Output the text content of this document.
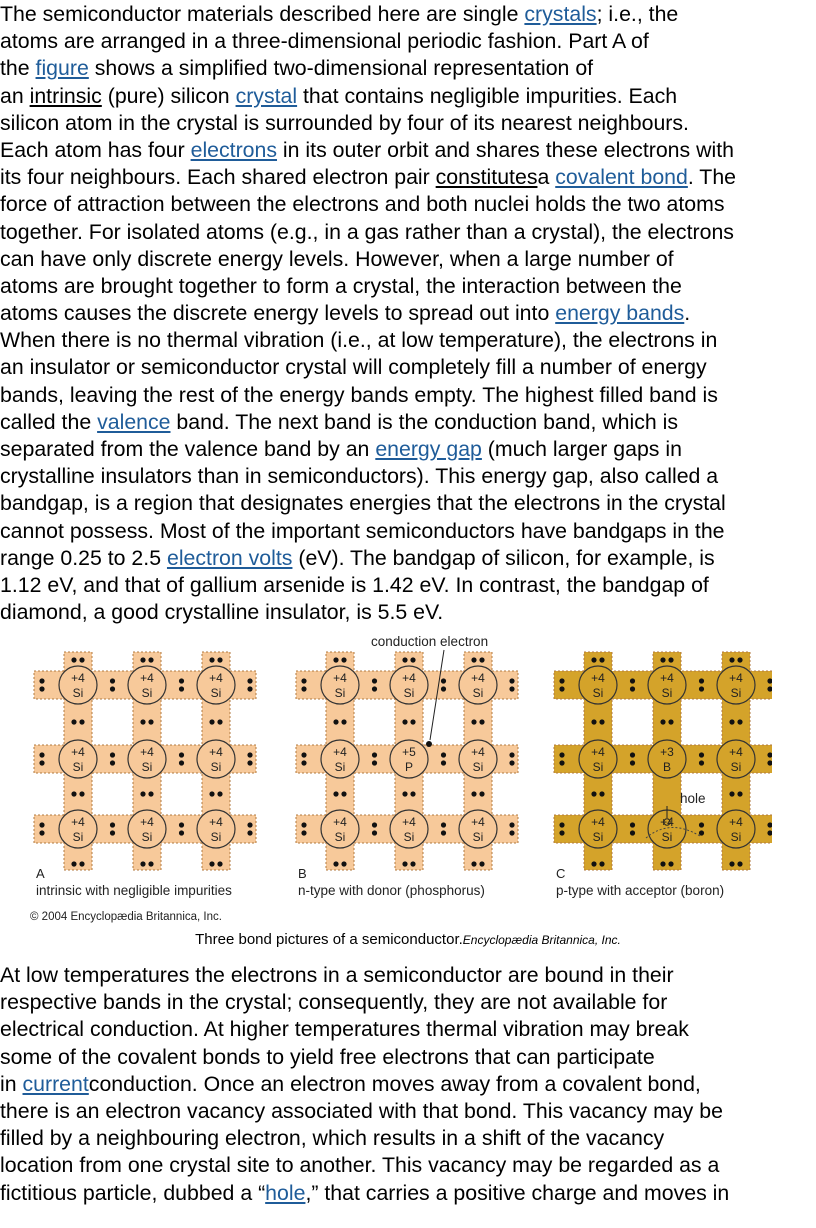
The semiconductor materials described here are single crystals; i.e., the
atoms are arranged in a three-dimensional periodic fashion. Part A of
the figure shows a simplified two-dimensional representation of
an intrinsic (pure) silicon crystal that contains negligible impurities. Each
silicon atom in the crystal is surrounded by four of its nearest neighbours.
Each atom has four electrons in its outer orbit and shares these electrons with
its four neighbours. Each shared electron pair constitutesa covalent bond. The
force of attraction between the electrons and both nuclei holds the two atoms
together. For isolated atoms (e.g., in a gas rather than a crystal), the electrons
can have only discrete energy levels. However, when a large number of
atoms are brought together to form a crystal, the interaction between the
atoms causes the discrete energy levels to spread out into energy bands.
When there is no thermal vibration (i.e., at low temperature), the electrons in
an insulator or semiconductor crystal will completely fill a number of energy
bands, leaving the rest of the energy bands empty. The highest filled band is
called the valence band. The next band is the conduction band, which is
separated from the valence band by an energy gap (much larger gaps in
crystalline insulators than in semiconductors). This energy gap, also called a
bandgap, is a region that designates energies that the electrons in the crystal
cannot possess. Most of the important semiconductors have bandgaps in the
range 0.25 to 2.5 electron volts (eV). The bandgap of silicon, for example, is
1.12 eV, and that of gallium arsenide is 1.42 eV. In contrast, the bandgap of
diamond, a good crystalline insulator, is 5.5 eV.
+4
Si
+4
Si
+4
Si
+4
Si
+4
Si
+4
Si
+4
Si
+4
Si
+4
Si
A
intrinsic with negligible impurities
+4
Si
+4
Si
+4
Si
+4
Si
+5
P
+4
Si
+4
Si
+4
Si
+4
Si
B
n-type with donor (phosphorus)
conduction electron
+4
Si
+4
Si
+4
Si
+4
Si
+3
B
+4
Si
+4
Si
+4
Si
+4
Si
C
p-type with acceptor (boron)
hole
© 2004 Encyclopædia Britannica, Inc.
Three bond pictures of a semiconductor.Encyclopædia Britannica, Inc.
At low temperatures the electrons in a semiconductor are bound in their
respective bands in the crystal; consequently, they are not available for
electrical conduction. At higher temperatures thermal vibration may break
some of the covalent bonds to yield free electrons that can participate
in currentconduction. Once an electron moves away from a covalent bond,
there is an electron vacancy associated with that bond. This vacancy may be
filled by a neighbouring electron, which results in a shift of the vacancy
location from one crystal site to another. This vacancy may be regarded as a
fictitious particle, dubbed a “hole,” that carries a positive charge and moves in
